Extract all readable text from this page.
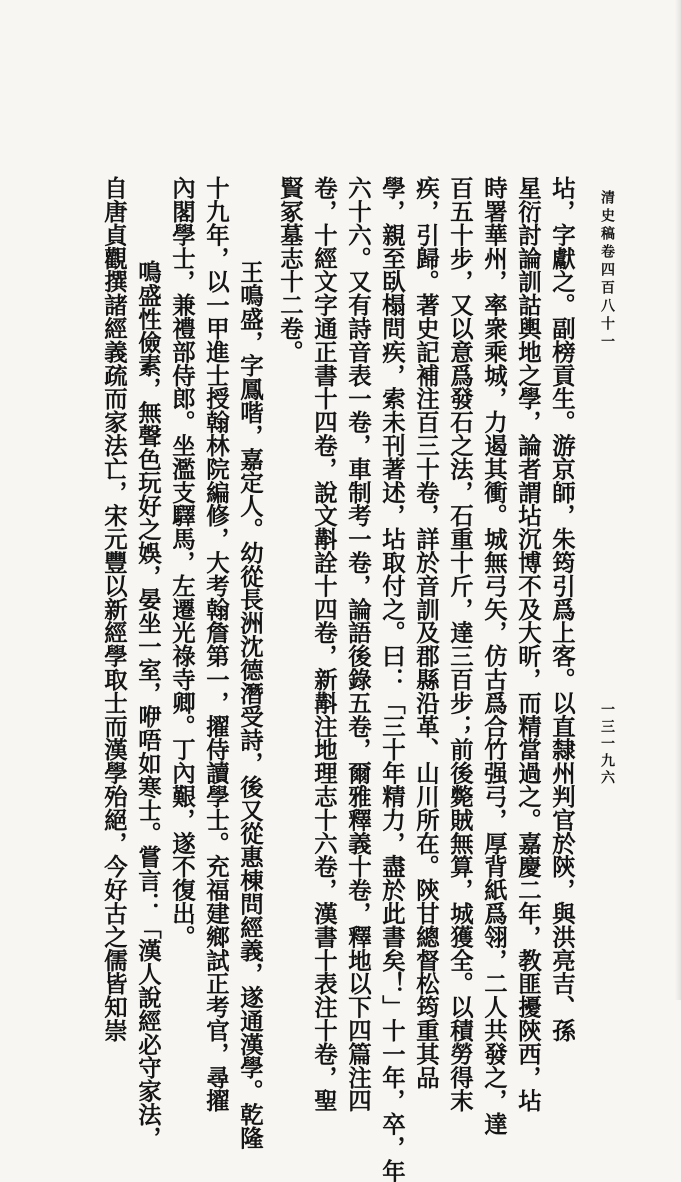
清史稿卷四百八十一
一三一九六
坫，字獻之。副榜貢生。游京師，朱筠引爲上客。以直隸州判官於陝，與洪亮吉、孫
星衍討論訓詁輿地之學，論者謂坫沉博不及大昕，而精當過之。嘉慶二年，教匪擾陝西，坫
時署華州，率衆乘城，力遏其衝。城無弓矢，仿古爲合竹强弓，厚背紙爲翎，二人共發之，達
百五十步，又以意爲發石之法，石重十斤，達三百步；前後斃賊無算，城獲全。以積勞得末
疾，引歸。著史記補注百三十卷，詳於音訓及郡縣沿革、山川所在。陝甘總督松筠重其品
學，親至臥榻問疾，索未刊著述，坫取付之。曰：「三十年精力，盡於此書矣！」十一年，卒，年
六十六。又有詩音表一卷，車制考一卷，論語後錄五卷，爾雅釋義十卷，釋地以下四篇注四
卷，十經文字通正書十四卷，說文斠詮十四卷，新斠注地理志十六卷，漢書十表注十卷，聖
賢冢墓志十二卷。
王鳴盛，字鳳喈，嘉定人。幼從長洲沈德潛受詩，後又從惠棟問經義，遂通漢學。乾隆
十九年，以一甲進士授翰林院編修，大考翰詹第一，擢侍讀學士。充福建鄉試正考官，尋擢
內閣學士，兼禮部侍郎。坐濫支驛馬，左遷光祿寺卿。丁內艱，遂不復出。
鳴盛性儉素，無聲色玩好之娛，晏坐一室，咿唔如寒士。嘗言：「漢人說經必守家法，
自唐貞觀撰諸經義疏而家法亡，宋元豐以新經學取士而漢學殆絕，今好古之儒皆知崇
